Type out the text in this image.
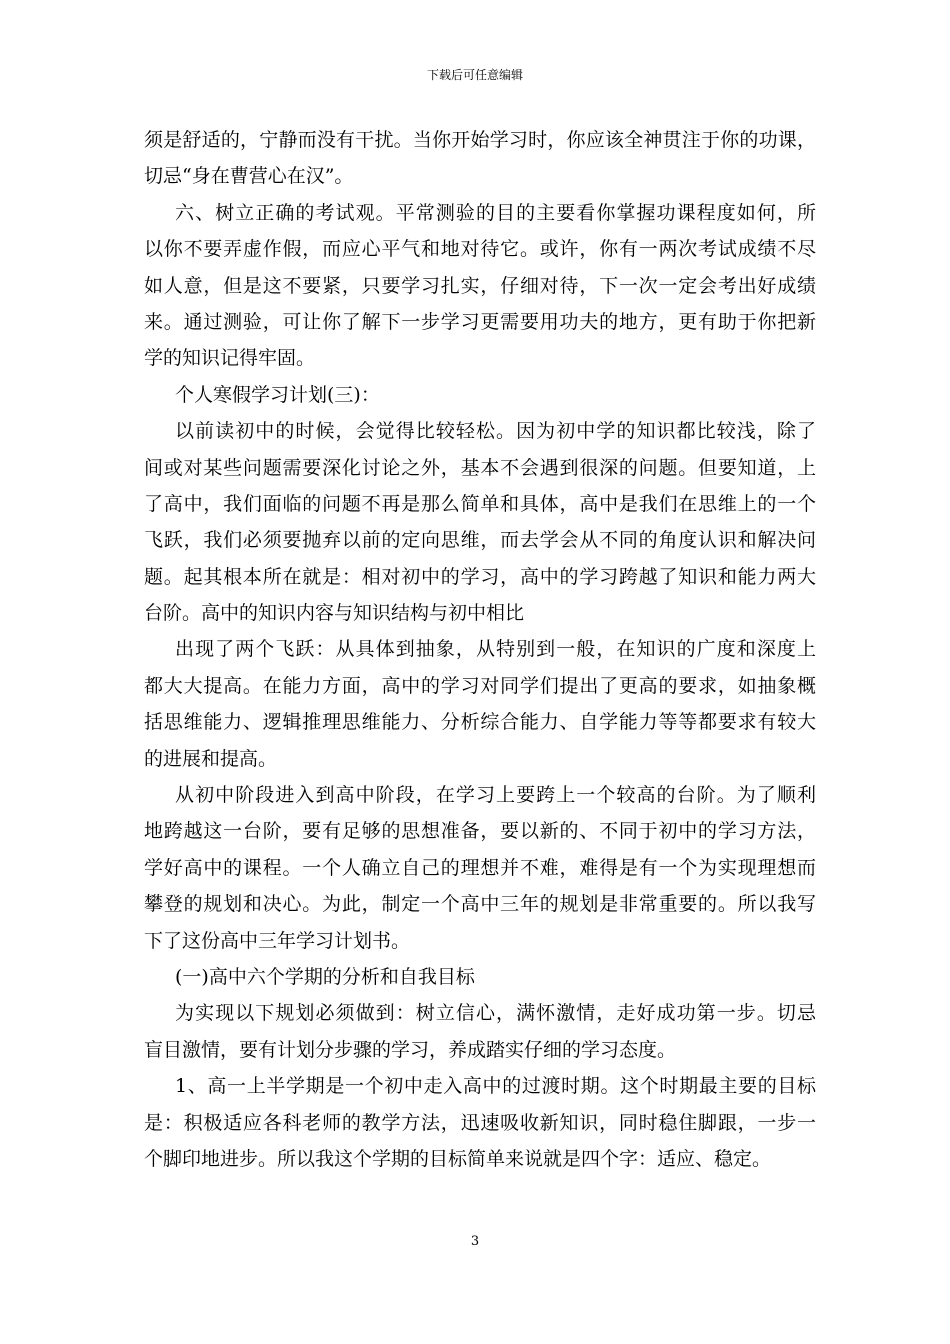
下载后可任意编辑
须是舒适的，宁静而没有干扰。当你开始学习时，你应该全神贯注于你的功课，
切忌“身在曹营心在汉”。
六、树立正确的考试观。平常测验的目的主要看你掌握功课程度如何，所
以你不要弄虚作假，而应心平气和地对待它。或许，你有一两次考试成绩不尽
如人意，但是这不要紧，只要学习扎实，仔细对待，下一次一定会考出好成绩
来。通过测验，可让你了解下一步学习更需要用功夫的地方，更有助于你把新
学的知识记得牢固。
个人寒假学习计划(三)：
以前读初中的时候，会觉得比较轻松。因为初中学的知识都比较浅，除了
间或对某些问题需要深化讨论之外，基本不会遇到很深的问题。但要知道，上
了高中，我们面临的问题不再是那么简单和具体，高中是我们在思维上的一个
飞跃，我们必须要抛弃以前的定向思维，而去学会从不同的角度认识和解决问
题。起其根本所在就是：相对初中的学习，高中的学习跨越了知识和能力两大
台阶。高中的知识内容与知识结构与初中相比
出现了两个飞跃：从具体到抽象，从特别到一般，在知识的广度和深度上
都大大提高。在能力方面，高中的学习对同学们提出了更高的要求，如抽象概
括思维能力、逻辑推理思维能力、分析综合能力、自学能力等等都要求有较大
的进展和提高。
从初中阶段进入到高中阶段，在学习上要跨上一个较高的台阶。为了顺利
地跨越这一台阶，要有足够的思想准备，要以新的、不同于初中的学习方法，
学好高中的课程。一个人确立自己的理想并不难，难得是有一个为实现理想而
攀登的规划和决心。为此，制定一个高中三年的规划是非常重要的。所以我写
下了这份高中三年学习计划书。
(一)高中六个学期的分析和自我目标
为实现以下规划必须做到：树立信心，满怀激情，走好成功第一步。切忌
盲目激情，要有计划分步骤的学习，养成踏实仔细的学习态度。
1、高一上半学期是一个初中走入高中的过渡时期。这个时期最主要的目标
是：积极适应各科老师的教学方法，迅速吸收新知识，同时稳住脚跟，一步一
个脚印地进步。所以我这个学期的目标简单来说就是四个字：适应、稳定。
3
